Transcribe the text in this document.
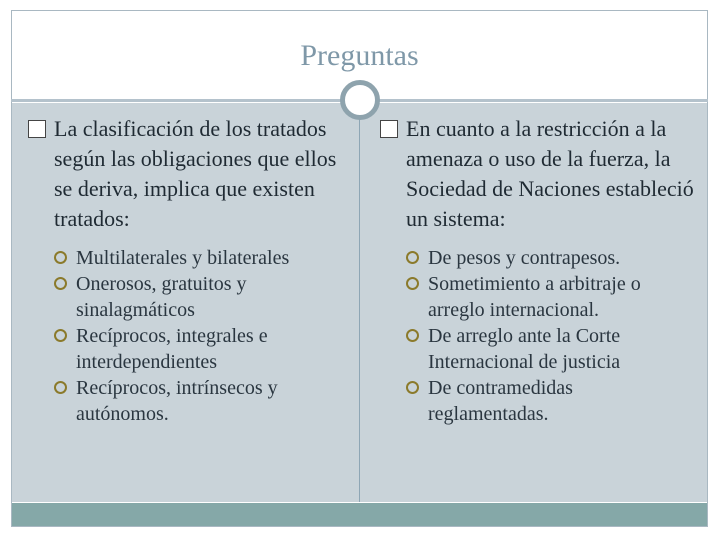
Preguntas
La clasificación de los tratados según las obligaciones que ellos se deriva, implica que existen tratados:
Multilaterales y bilaterales
Onerosos, gratuitos y sinalagmáticos
Recíprocos, integrales e interdependientes
Recíprocos, intrínsecos y autónomos.
En cuanto a la restricción a la amenaza o uso de la fuerza, la Sociedad de Naciones estableció un sistema:
De pesos y contrapesos.
Sometimiento a arbitraje o arreglo internacional.
De arreglo ante la Corte Internacional de justicia
De contramedidas reglamentadas.
